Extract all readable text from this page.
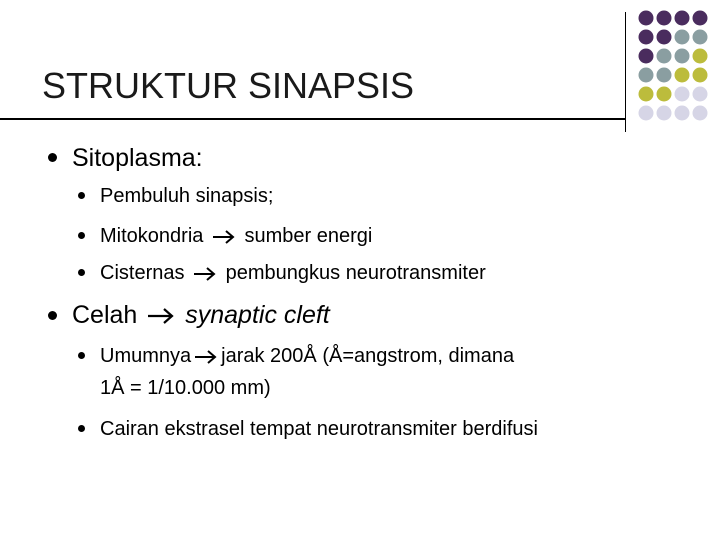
STRUKTUR SINAPSIS
Sitoplasma:
Pembuluh sinapsis;
Mitokondria sumber energi
Cisternas pembungkus neurotransmiter
Celah synaptic cleft
Umumnya jarak 200Å (Å=angstrom, dimana
1Å = 1/10.000 mm)
Cairan ekstrasel tempat neurotransmiter berdifusi
